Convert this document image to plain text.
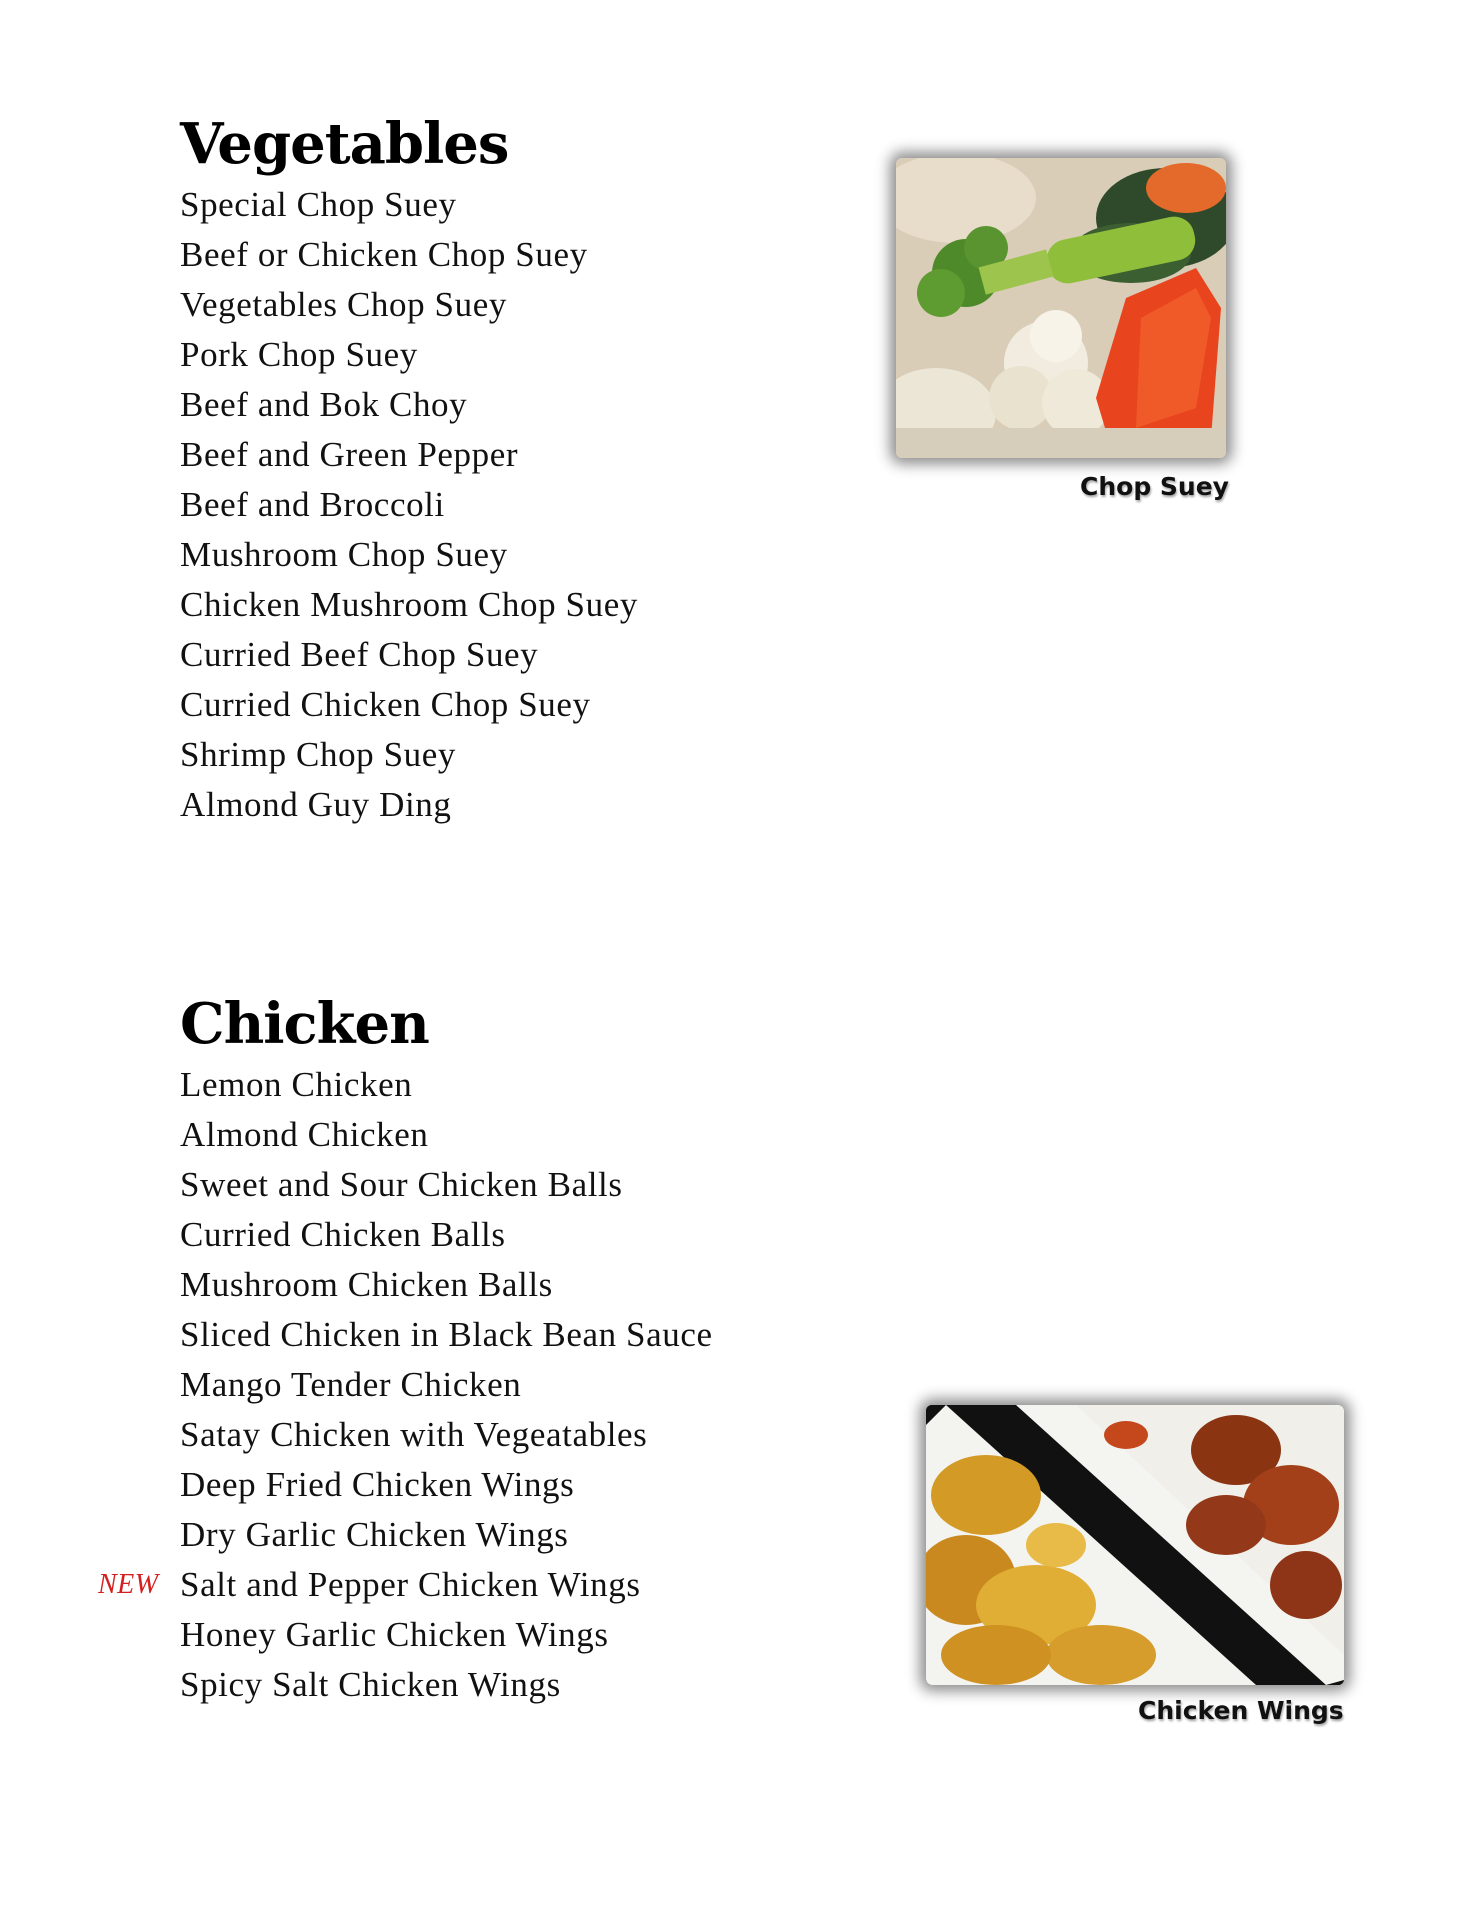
Vegetables
Special Chop Suey
Beef or Chicken Chop Suey
Vegetables Chop Suey
Pork Chop Suey
Beef and Bok Choy
Beef and Green Pepper
Beef and Broccoli
Mushroom Chop Suey
Chicken Mushroom Chop Suey
Curried Beef Chop Suey
Curried Chicken Chop Suey
Shrimp Chop Suey
Almond Guy Ding
Chicken
Lemon Chicken
Almond Chicken
Sweet and Sour Chicken Balls
Curried Chicken Balls
Mushroom Chicken Balls
Sliced Chicken in Black Bean Sauce
Mango Tender Chicken
Satay Chicken with Vegeatables
Deep Fried Chicken Wings
Dry Garlic Chicken Wings
NEW Salt and Pepper Chicken Wings
Honey Garlic Chicken Wings
Spicy Salt Chicken Wings
Chop Suey
Chicken Wings
